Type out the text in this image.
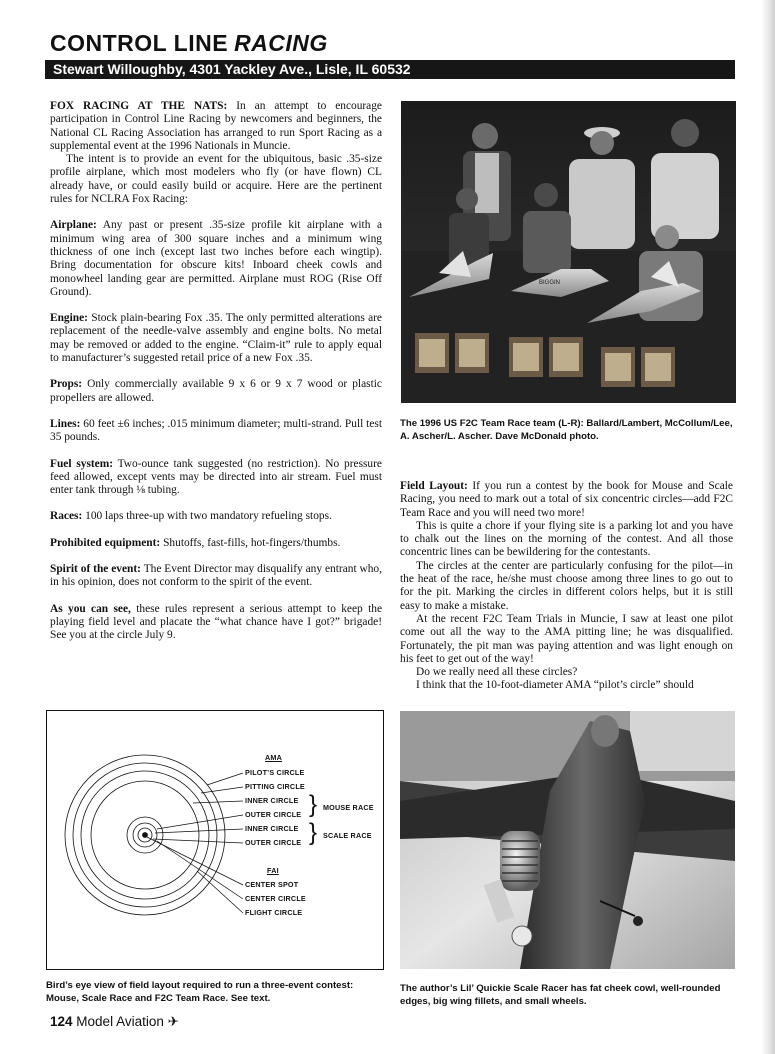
CONTROL LINE RACING
Stewart Willoughby, 4301 Yackley Ave., Lisle, IL 60532

FOX RACING AT THE NATS: In an attempt to encourage participation in Control Line Racing by newcomers and beginners, the National CL Racing Association has arranged to run Sport Racing as a supplemental event at the 1996 Nationals in Muncie.

The intent is to provide an event for the ubiquitous, basic .35-size profile airplane, which most modelers who fly (or have flown) CL already have, or could easily build or acquire. Here are the pertinent rules for NCLRA Fox Racing:

Airplane: Any past or present .35-size profile kit airplane with a minimum wing area of 300 square inches and a minimum wing thickness of one inch (except last two inches before each wingtip). Bring documentation for obscure kits! Inboard cheek cowls and monowheel landing gear are permitted. Airplane must ROG (Rise Off Ground).

Engine: Stock plain-bearing Fox .35. The only permitted alterations are replacement of the needle-valve assembly and engine bolts. No metal may be removed or added to the engine. “Claim-it” rule to apply equal to manufacturer’s suggested retail price of a new Fox .35.

Props: Only commercially available 9 x 6 or 9 x 7 wood or plastic propellers are allowed.

Lines: 60 feet ±6 inches; .015 minimum diameter; multi-strand. Pull test 35 pounds.

Fuel system: Two-ounce tank suggested (no restriction). No pressure feed allowed, except vents may be directed into air stream. Fuel must enter tank through ⅛ tubing.

Races: 100 laps three-up with two mandatory refueling stops.

Prohibited equipment: Shutoffs, fast-fills, hot-fingers/thumbs.

Spirit of the event: The Event Director may disqualify any entrant who, in his opinion, does not conform to the spirit of the event.

As you can see, these rules represent a serious attempt to keep the playing field level and placate the “what chance have I got?” brigade! See you at the circle July 9.

BIGGIN
The 1996 US F2C Team Race team (L-R): Ballard/Lambert, McCollum/Lee, A. Ascher/L. Ascher. Dave McDonald photo.

Field Layout: If you run a contest by the book for Mouse and Scale Racing, you need to mark out a total of six concentric circles—add F2C Team Race and you will need two more!

This is quite a chore if your flying site is a parking lot and you have to chalk out the lines on the morning of the contest. And all those concentric lines can be bewildering for the contestants.

The circles at the center are particularly confusing for the pilot—in the heat of the race, he/she must choose among three lines to go out to for the pit. Marking the circles in different colors helps, but it is still easy to make a mistake.

At the recent F2C Team Trials in Muncie, I saw at least one pilot come out all the way to the AMA pitting line; he was disqualified. Fortunately, the pit man was paying attention and was light enough on his feet to get out of the way!

Do we really need all these circles?

I think that the 10-foot-diameter AMA “pilot’s circle” should

AMA
PILOT’S CIRCLE
PITTING CIRCLE
INNER CIRCLE
OUTER CIRCLE
INNER CIRCLE
OUTER CIRCLE
}
}
MOUSE RACE
SCALE RACE
FAI
CENTER SPOT
CENTER CIRCLE
FLIGHT CIRCLE
Bird’s eye view of field layout required to run a three-event contest: Mouse, Scale Race and F2C Team Race. See text.
The author’s Lil’ Quickie Scale Racer has fat cheek cowl, well-rounded edges, big wing fillets, and small wheels.
124 Model Aviation ✈
